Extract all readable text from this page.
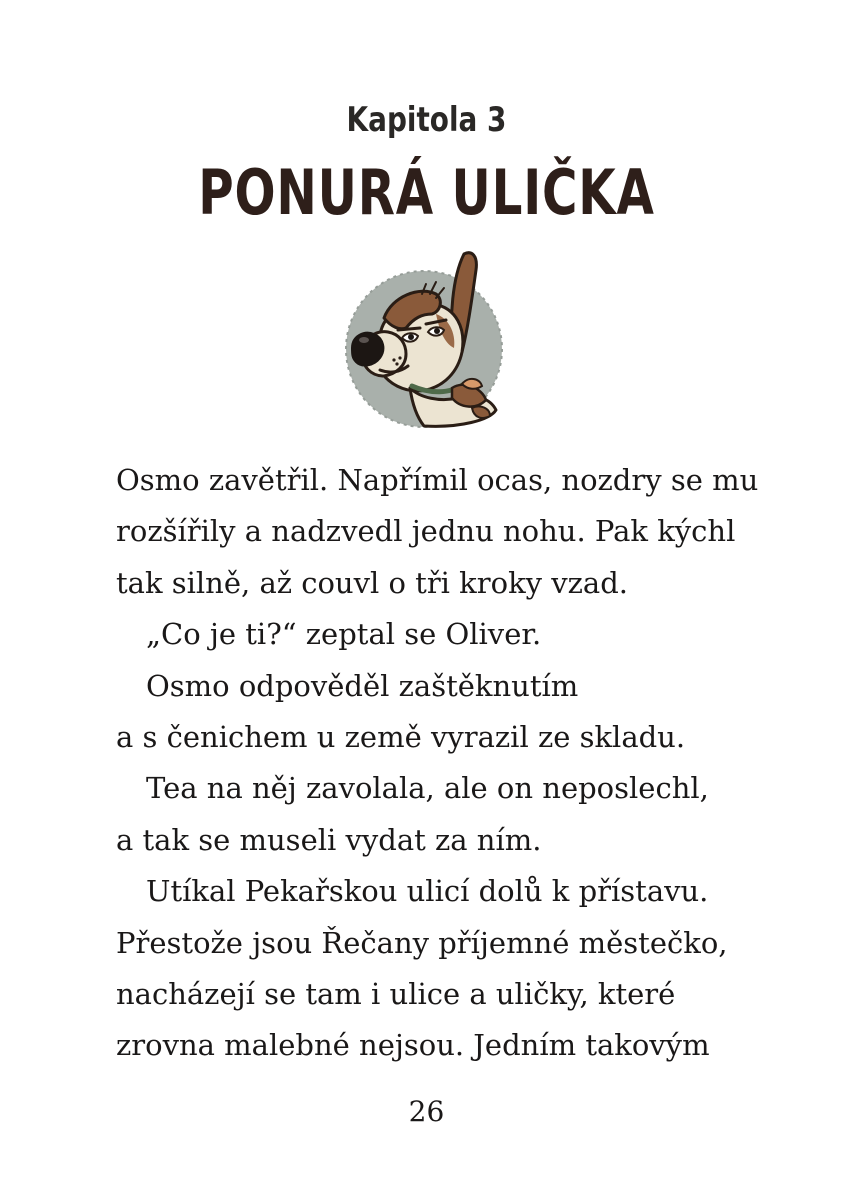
Kapitola 3
PONURÁ ULIČKA
Osmo zavětřil. Napřímil ocas, nozdry se mu
rozšířily a nadzvedl jednu nohu. Pak kýchl
tak silně, až couvl o tři kroky vzad.
„Co je ti?“ zeptal se Oliver.
Osmo odpověděl zaštěknutím
a s čenichem u země vyrazil ze skladu.
Tea na něj zavolala, ale on neposlechl,
a tak se museli vydat za ním.
Utíkal Pekařskou ulicí dolů k přístavu.
Přestože jsou Řečany příjemné městečko,
nacházejí se tam i ulice a uličky, které
zrovna malebné nejsou. Jedním takovým
26
